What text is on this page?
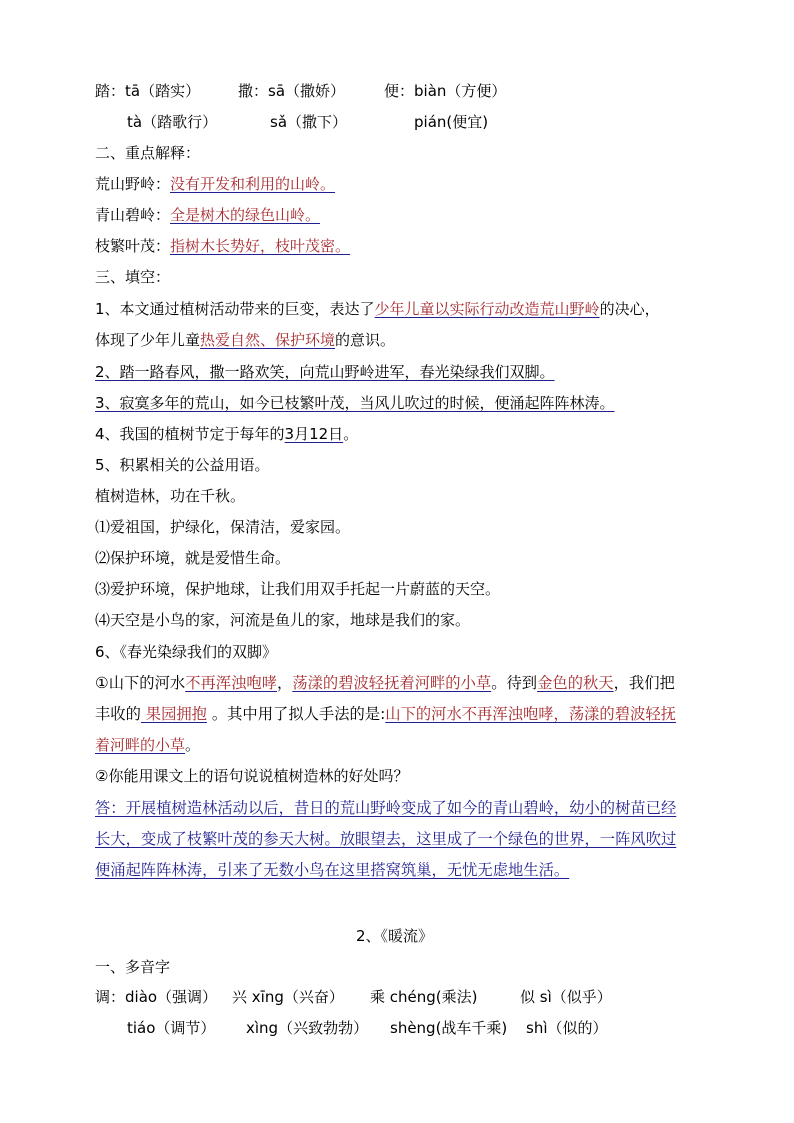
踏：tā（踏实）	撒：sā（撒娇）	便：biàn（方便）
tà（踏歌行）	sǎ（撒下）	pián(便宜)
二、重点解释：
荒山野岭：没有开发和利用的山岭。
青山碧岭：全是树木的绿色山岭。
枝繁叶茂：指树木长势好，枝叶茂密。
三、填空：
1、本文通过植树活动带来的巨变，表达了少年儿童以实际行动改造荒山野岭的决心，
体现了少年儿童热爱自然、保护环境的意识。
2、踏一路春风，撒一路欢笑，向荒山野岭进军，春光染绿我们双脚。
3、寂寞多年的荒山，如今已枝繁叶茂，当风儿吹过的时候，便涌起阵阵林涛。
4、我国的植树节定于每年的3月12日。
5、积累相关的公益用语。
植树造林，功在千秋。
⑴爱祖国，护绿化，保清洁，爱家园。
⑵保护环境，就是爱惜生命。
⑶爱护环境，保护地球，让我们用双手托起一片蔚蓝的天空。
⑷天空是小鸟的家，河流是鱼儿的家，地球是我们的家。
6、《春光染绿我们的双脚》
①山下的河水不再浑浊咆哮，荡漾的碧波轻抚着河畔的小草。待到金色的秋天，我们把
丰收的 果园拥抱 。其中用了拟人手法的是:山下的河水不再浑浊咆哮，荡漾的碧波轻抚
着河畔的小草。
②你能用课文上的语句说说植树造林的好处吗？
答：开展植树造林活动以后，昔日的荒山野岭变成了如今的青山碧岭，幼小的树苗已经
长大，变成了枝繁叶茂的参天大树。放眼望去，这里成了一个绿色的世界，一阵风吹过
便涌起阵阵林涛，引来了无数小鸟在这里搭窝筑巢，无忧无虑地生活。
2、《暖流》
一、多音字
调：diào（强调） 兴 xīng（兴奋） 乘 chéng(乘法)	似 sì（似乎）
tiáo（调节） xìng（兴致勃勃） shèng(战车千乘) shì（似的）
